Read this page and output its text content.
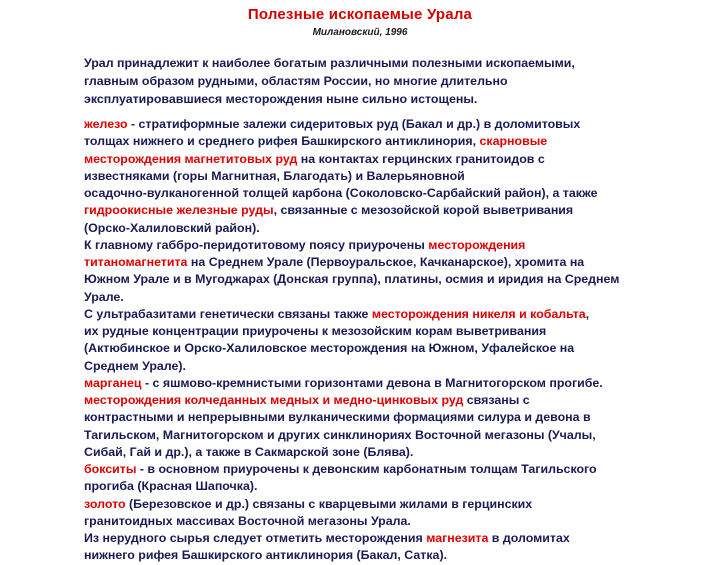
Полезные ископаемые Урала
Милановский, 1996
Урал принадлежит к наиболее богатым различными полезными ископаемыми,
главным образом рудными, областям России, но многие длительно
эксплуатировавшиеся месторождения ныне сильно истощены.
железо - стратиформные залежи сидеритовых руд (Бакал и др.) в доломитовых
толщах нижнего и среднего рифея Башкирского антиклинория, скарновые
месторождения магнетитовых руд на контактах герцинских гранитоидов с
известняками (горы Магнитная, Благодать) и Валерьяновной
осадочно-вулканогенной толщей карбона (Соколовско-Сарбайский район), а также
гидроокисные железные руды, связанные с мезозойской корой выветривания
(Орско-Халиловский район).
К главному габбро-перидотитовому поясу приурочены месторождения
титаномагнетита на Среднем Урале (Первоуральское, Качканарское), хромита на
Южном Урале и в Мугоджарах (Донская группа), платины, осмия и иридия на Среднем
Урале.
С ультрабазитами генетически связаны также месторождения никеля и кобальта,
их рудные концентрации приурочены к мезозойским корам выветривания
(Актюбинское и Орско-Халиловское месторождения на Южном, Уфалейское на
Среднем Урале).
марганец - с яшмово-кремнистыми горизонтами девона в Магнитогорском прогибе.
месторождения колчеданных медных и медно-цинковых руд связаны с
контрастными и непрерывными вулканическими формациями силура и девона в
Тагильском, Магнитогорском и других синклинориях Восточной мегазоны (Учалы,
Сибай, Гай и др.), а также в Сакмарской зоне (Блява).
бокситы - в основном приурочены к девонским карбонатным толщам Тагильского
прогиба (Красная Шапочка).
золото (Березовское и др.) связаны с кварцевыми жилами в герцинских
гранитоидных массивах Восточной мегазоны Урала.
Из нерудного сырья следует отметить месторождения магнезита в доломитах
нижнего рифея Башкирского антиклинория (Бакал, Сатка).
